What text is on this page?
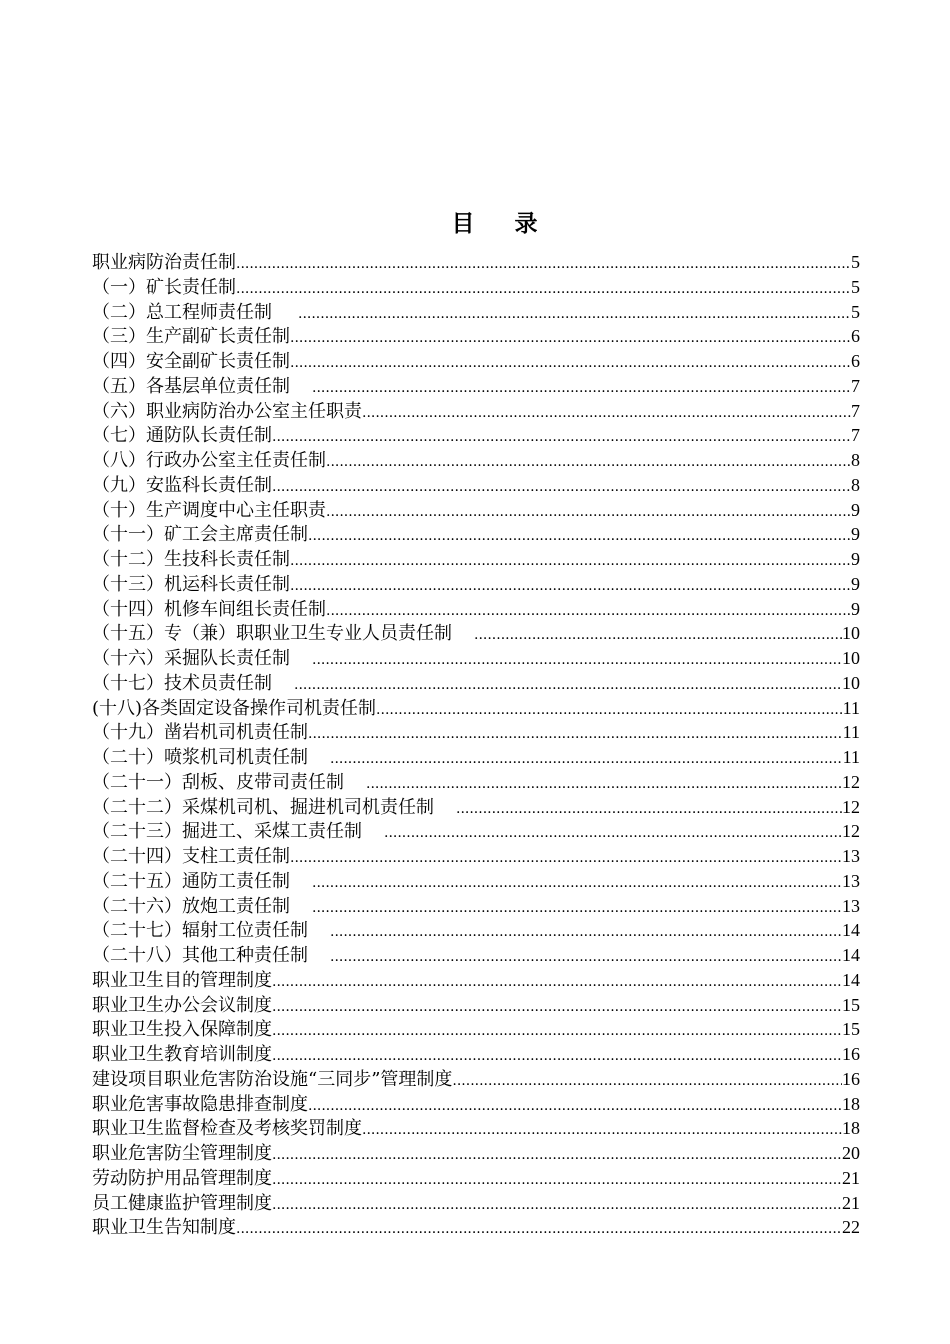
目 录
职业病防治责任制 .....	5
（一）矿长责任制 .....	5
（二）总工程师责任制 .....	5
（三）生产副矿长责任制 .....	6
（四）安全副矿长责任制 .....	6
（五）各基层单位责任制 .....	7
（六）职业病防治办公室主任职责 .....	7
（七）通防队长责任制 .....	7
（八）行政办公室主任责任制 .....	8
（九）安监科长责任制 .....	8
（十）生产调度中心主任职责 .....	9
（十一）矿工会主席责任制 .....	9
（十二）生技科长责任制 .....	9
（十三）机运科长责任制 .....	9
（十四）机修车间组长责任制 .....	9
（十五）专（兼）职职业卫生专业人员责任制 .....	10
（十六）采掘队长责任制 .....	10
（十七）技术员责任制 .....	10
(十八)各类固定设备操作司机责任制 .....	11
（十九）凿岩机司机责任制 .....	11
（二十）喷浆机司机责任制 .....	11
（二十一）刮板、皮带司责任制 .....	12
（二十二）采煤机司机、掘进机司机责任制 .....	12
（二十三）掘进工、采煤工责任制 .....	12
（二十四）支柱工责任制 .....	13
（二十五）通防工责任制 .....	13
（二十六）放炮工责任制 .....	13
（二十七）辐射工位责任制 .....	14
（二十八）其他工种责任制 .....	14
职业卫生目的管理制度 .....	14
职业卫生办公会议制度 .....	15
职业卫生投入保障制度 .....	15
职业卫生教育培训制度 .....	16
建设项目职业危害防治设施“三同步”管理制度 .....	16
职业危害事故隐患排查制度 .....	18
职业卫生监督检查及考核奖罚制度 .....	18
职业危害防尘管理制度 .....	20
劳动防护用品管理制度 .....	21
员工健康监护管理制度 .....	21
职业卫生告知制度 .....	22
